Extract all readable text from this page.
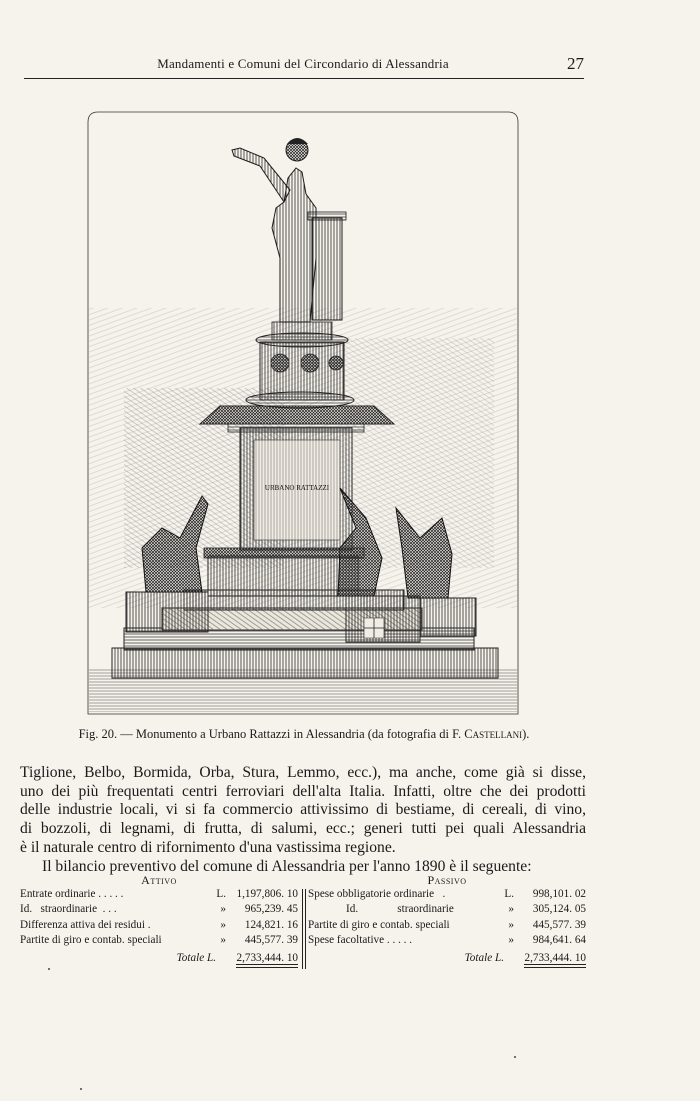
Mandamenti e Comuni del Circondario di Alessandria	27
URBANO RATTAZZI
Fig. 20. — Monumento a Urbano Rattazzi in Alessandria (da fotografia di F. Castellani).

Tiglione, Belbo, Bormida, Orba, Stura, Lemmo, ecc.), ma anche, come già si disse,
uno dei più frequentati centri ferroviari dell'alta Italia. Infatti, oltre che dei prodotti
delle industrie locali, vi si fa commercio attivissimo di bestiame, di cereali, di vino,
di bozzoli, di legnami, di frutta, di salumi, ecc.; generi tutti pei quali Alessandria
è il naturale centro di rifornimento d'una vastissima regione.

Il bilancio preventivo del comune di Alessandria per l'anno 1890 è il seguente:

Attivo
Entrate ordinarie . . . . .	L. 1,197,806. 10
Id.   straordinarie  . . .	» 965,239. 45
Differenza attiva dei residui .	» 124,821. 16
Partite di giro e contab. speciali	» 445,577. 39
Totale L. 2,733,444. 10
Passivo
Spese obbligatorie ordinarie   .	L. 998,101. 02
Id.              straordinarie	» 305,124. 05
Partite di giro e contab. speciali	» 445,577. 39
Spese facoltative . . . . .	» 984,641. 64
Totale L. 2,733,444. 10
